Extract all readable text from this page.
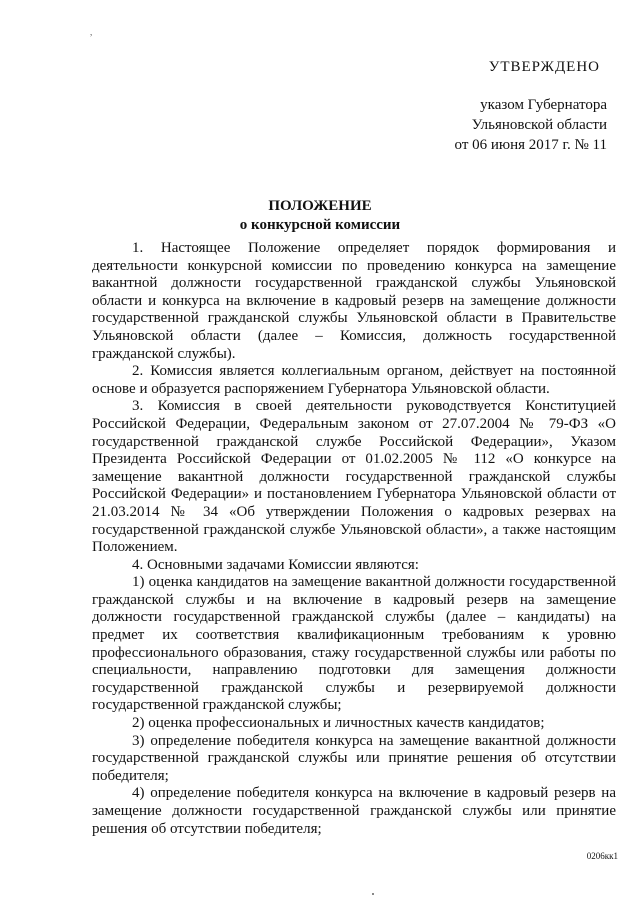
,
УТВЕРЖДЕНО
указом Губернатора
Ульяновской области
от 06 июня 2017 г. № 11
ПОЛОЖЕНИЕ
о конкурсной комиссии

1. Настоящее Положение определяет порядок формирования и деятельности конкурсной комиссии по проведению конкурса на замещение вакантной должности государственной гражданской службы Ульяновской области и конкурса на включение в кадровый резерв на замещение должности государственной гражданской службы Ульяновской области в Правительстве Ульяновской области (далее – Комиссия, должность государственной гражданской службы).

2. Комиссия является коллегиальным органом, действует на постоянной основе и образуется распоряжением Губернатора Ульяновской области.

3. Комиссия в своей деятельности руководствуется Конституцией Российской Федерации, Федеральным законом от 27.07.2004 № 79-ФЗ «О государственной гражданской службе Российской Федерации», Указом Президента Российской Федерации от 01.02.2005 № 112 «О конкурсе на замещение вакантной должности государственной гражданской службы Российской Федерации» и постановлением Губернатора Ульяновской области от 21.03.2014 № 34 «Об утверждении Положения о кадровых резервах на государственной гражданской службе Ульяновской области», а также настоящим Положением.

4. Основными задачами Комиссии являются:

1) оценка кандидатов на замещение вакантной должности государственной гражданской службы и на включение в кадровый резерв на замещение должности государственной гражданской службы (далее – кандидаты) на предмет их соответствия квалификационным требованиям к уровню профессионального образования, стажу государственной службы или работы по специальности, направлению подготовки для замещения должности государственной гражданской службы и резервируемой должности государственной гражданской службы;

2) оценка профессиональных и личностных качеств кандидатов;

3) определение победителя конкурса на замещение вакантной должности государственной гражданской службы или принятие решения об отсутствии победителя;

4) определение победителя конкурса на включение в кадровый резерв на замещение должности государственной гражданской службы или принятие решения об отсутствии победителя;

0206кк1
